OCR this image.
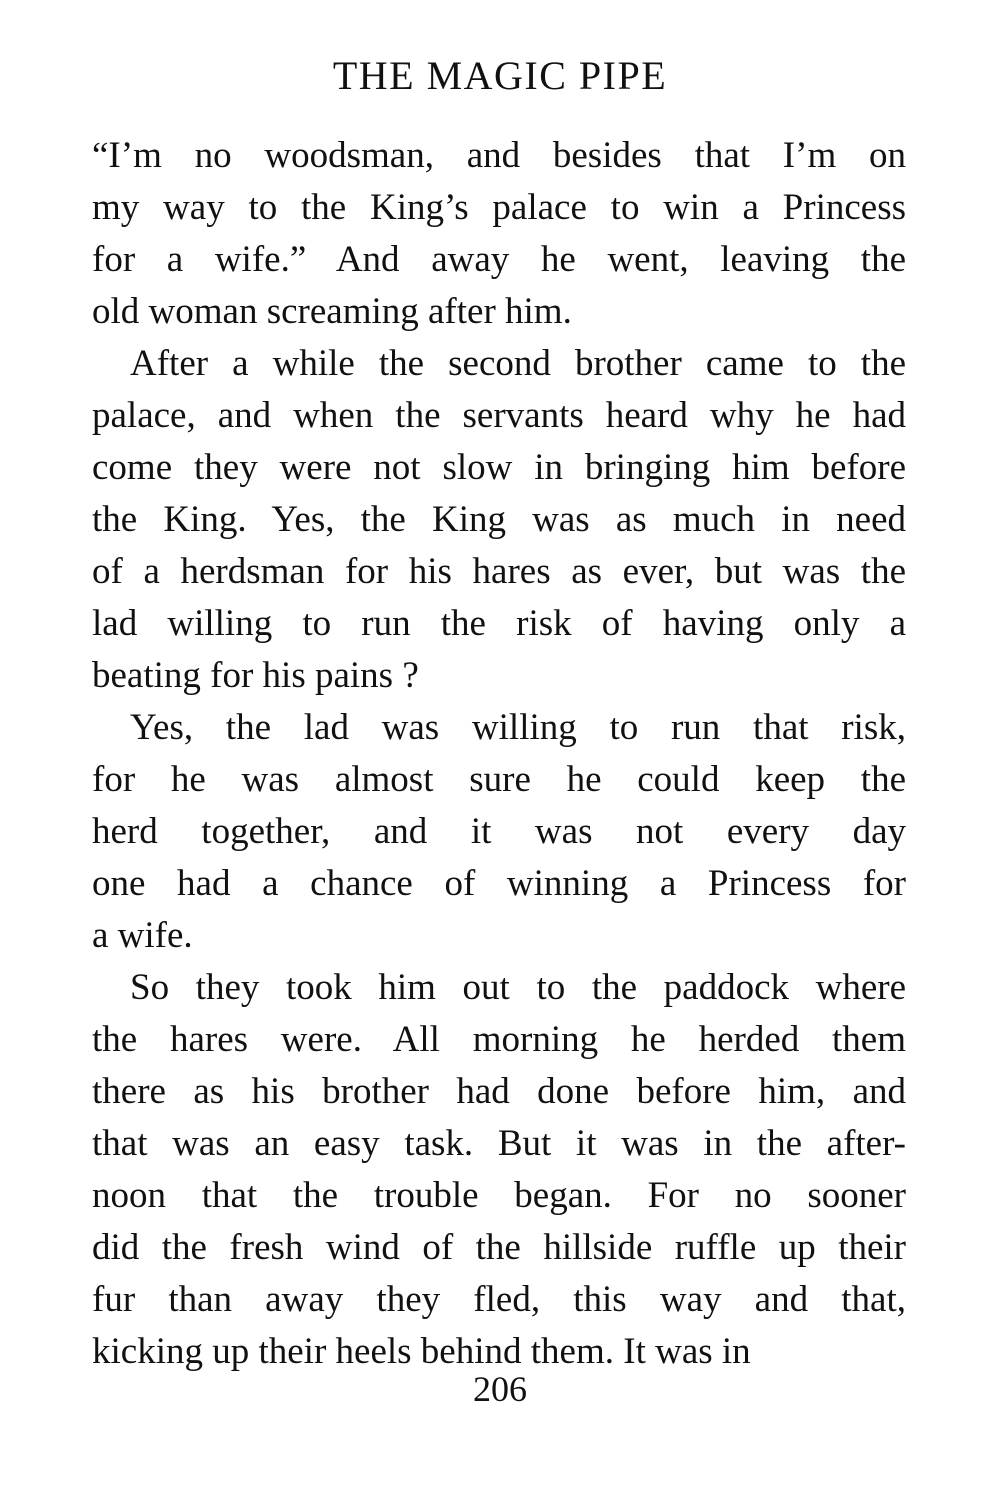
THE MAGIC PIPE
“I’m no woodsman, and besides that I’m on
my way to the King’s palace to win a Princess
for a wife.” And away he went, leaving the
old woman screaming after him.
After a while the second brother came to the
palace, and when the servants heard why he had
come they were not slow in bringing him before
the King. Yes, the King was as much in need
of a herdsman for his hares as ever, but was the
lad willing to run the risk of having only a
beating for his pains ?
Yes, the lad was willing to run that risk,
for he was almost sure he could keep the
herd together, and it was not every day
one had a chance of winning a Princess for
a wife.
So they took him out to the paddock where
the hares were. All morning he herded them
there as his brother had done before him, and
that was an easy task. But it was in the after-
noon that the trouble began. For no sooner
did the fresh wind of the hillside ruffle up their
fur than away they fled, this way and that,
kicking up their heels behind them. It was in
206
